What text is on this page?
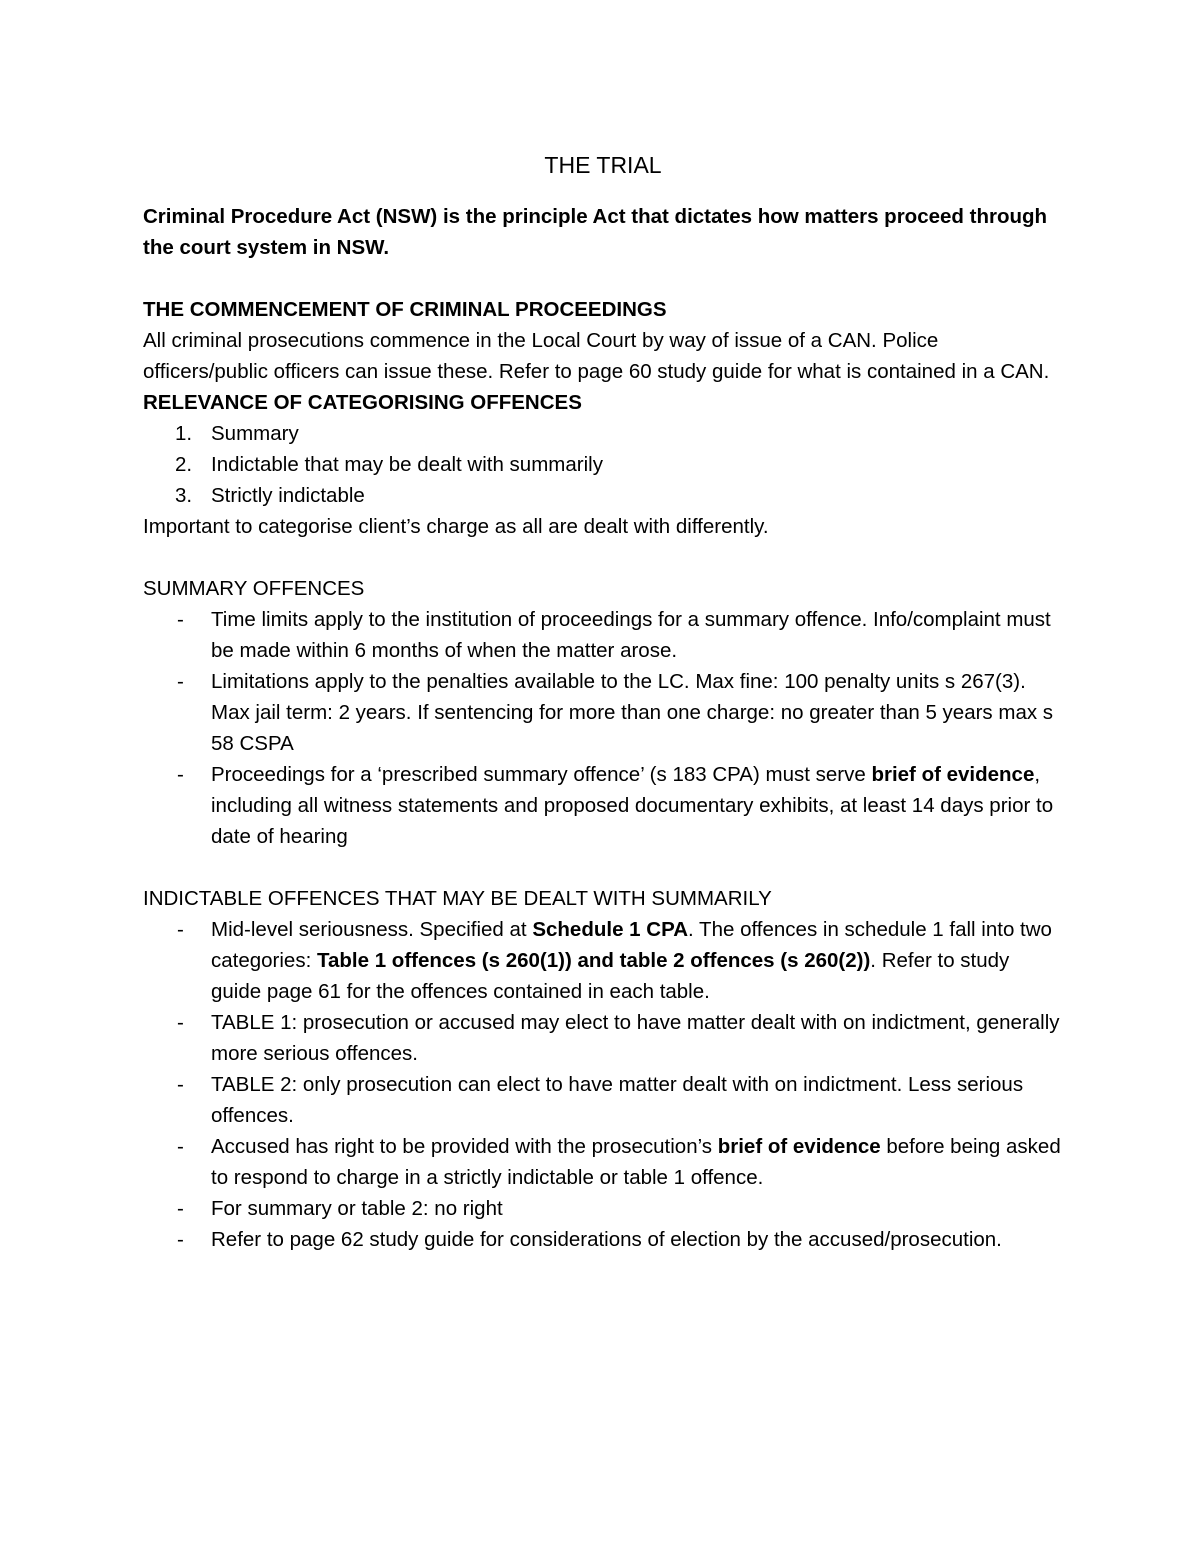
THE TRIAL

Criminal Procedure Act (NSW) is the principle Act that dictates how matters proceed through the court system in NSW.

THE COMMENCEMENT OF CRIMINAL PROCEEDINGS

All criminal prosecutions commence in the Local Court by way of issue of a CAN. Police officers/public officers can issue these. Refer to page 60 study guide for what is contained in a CAN.

RELEVANCE OF CATEGORISING OFFENCES

1. Summary
2. Indictable that may be dealt with summarily
3. Strictly indictable

Important to categorise client’s charge as all are dealt with differently.

SUMMARY OFFENCES

- Time limits apply to the institution of proceedings for a summary offence. Info/complaint must be made within 6 months of when the matter arose.
- Limitations apply to the penalties available to the LC. Max fine: 100 penalty units s 267(3). Max jail term: 2 years. If sentencing for more than one charge: no greater than 5 years max s 58 CSPA
- Proceedings for a ‘prescribed summary offence’ (s 183 CPA) must serve brief of evidence, including all witness statements and proposed documentary exhibits, at least 14 days prior to date of hearing

INDICTABLE OFFENCES THAT MAY BE DEALT WITH SUMMARILY

- Mid-level seriousness. Specified at Schedule 1 CPA. The offences in schedule 1 fall into two categories: Table 1 offences (s 260(1)) and table 2 offences (s 260(2)). Refer to study guide page 61 for the offences contained in each table.
- TABLE 1: prosecution or accused may elect to have matter dealt with on indictment, generally more serious offences.
- TABLE 2: only prosecution can elect to have matter dealt with on indictment. Less serious offences.
- Accused has right to be provided with the prosecution’s brief of evidence before being asked to respond to charge in a strictly indictable or table 1 offence.
- For summary or table 2: no right
- Refer to page 62 study guide for considerations of election by the accused/prosecution.
